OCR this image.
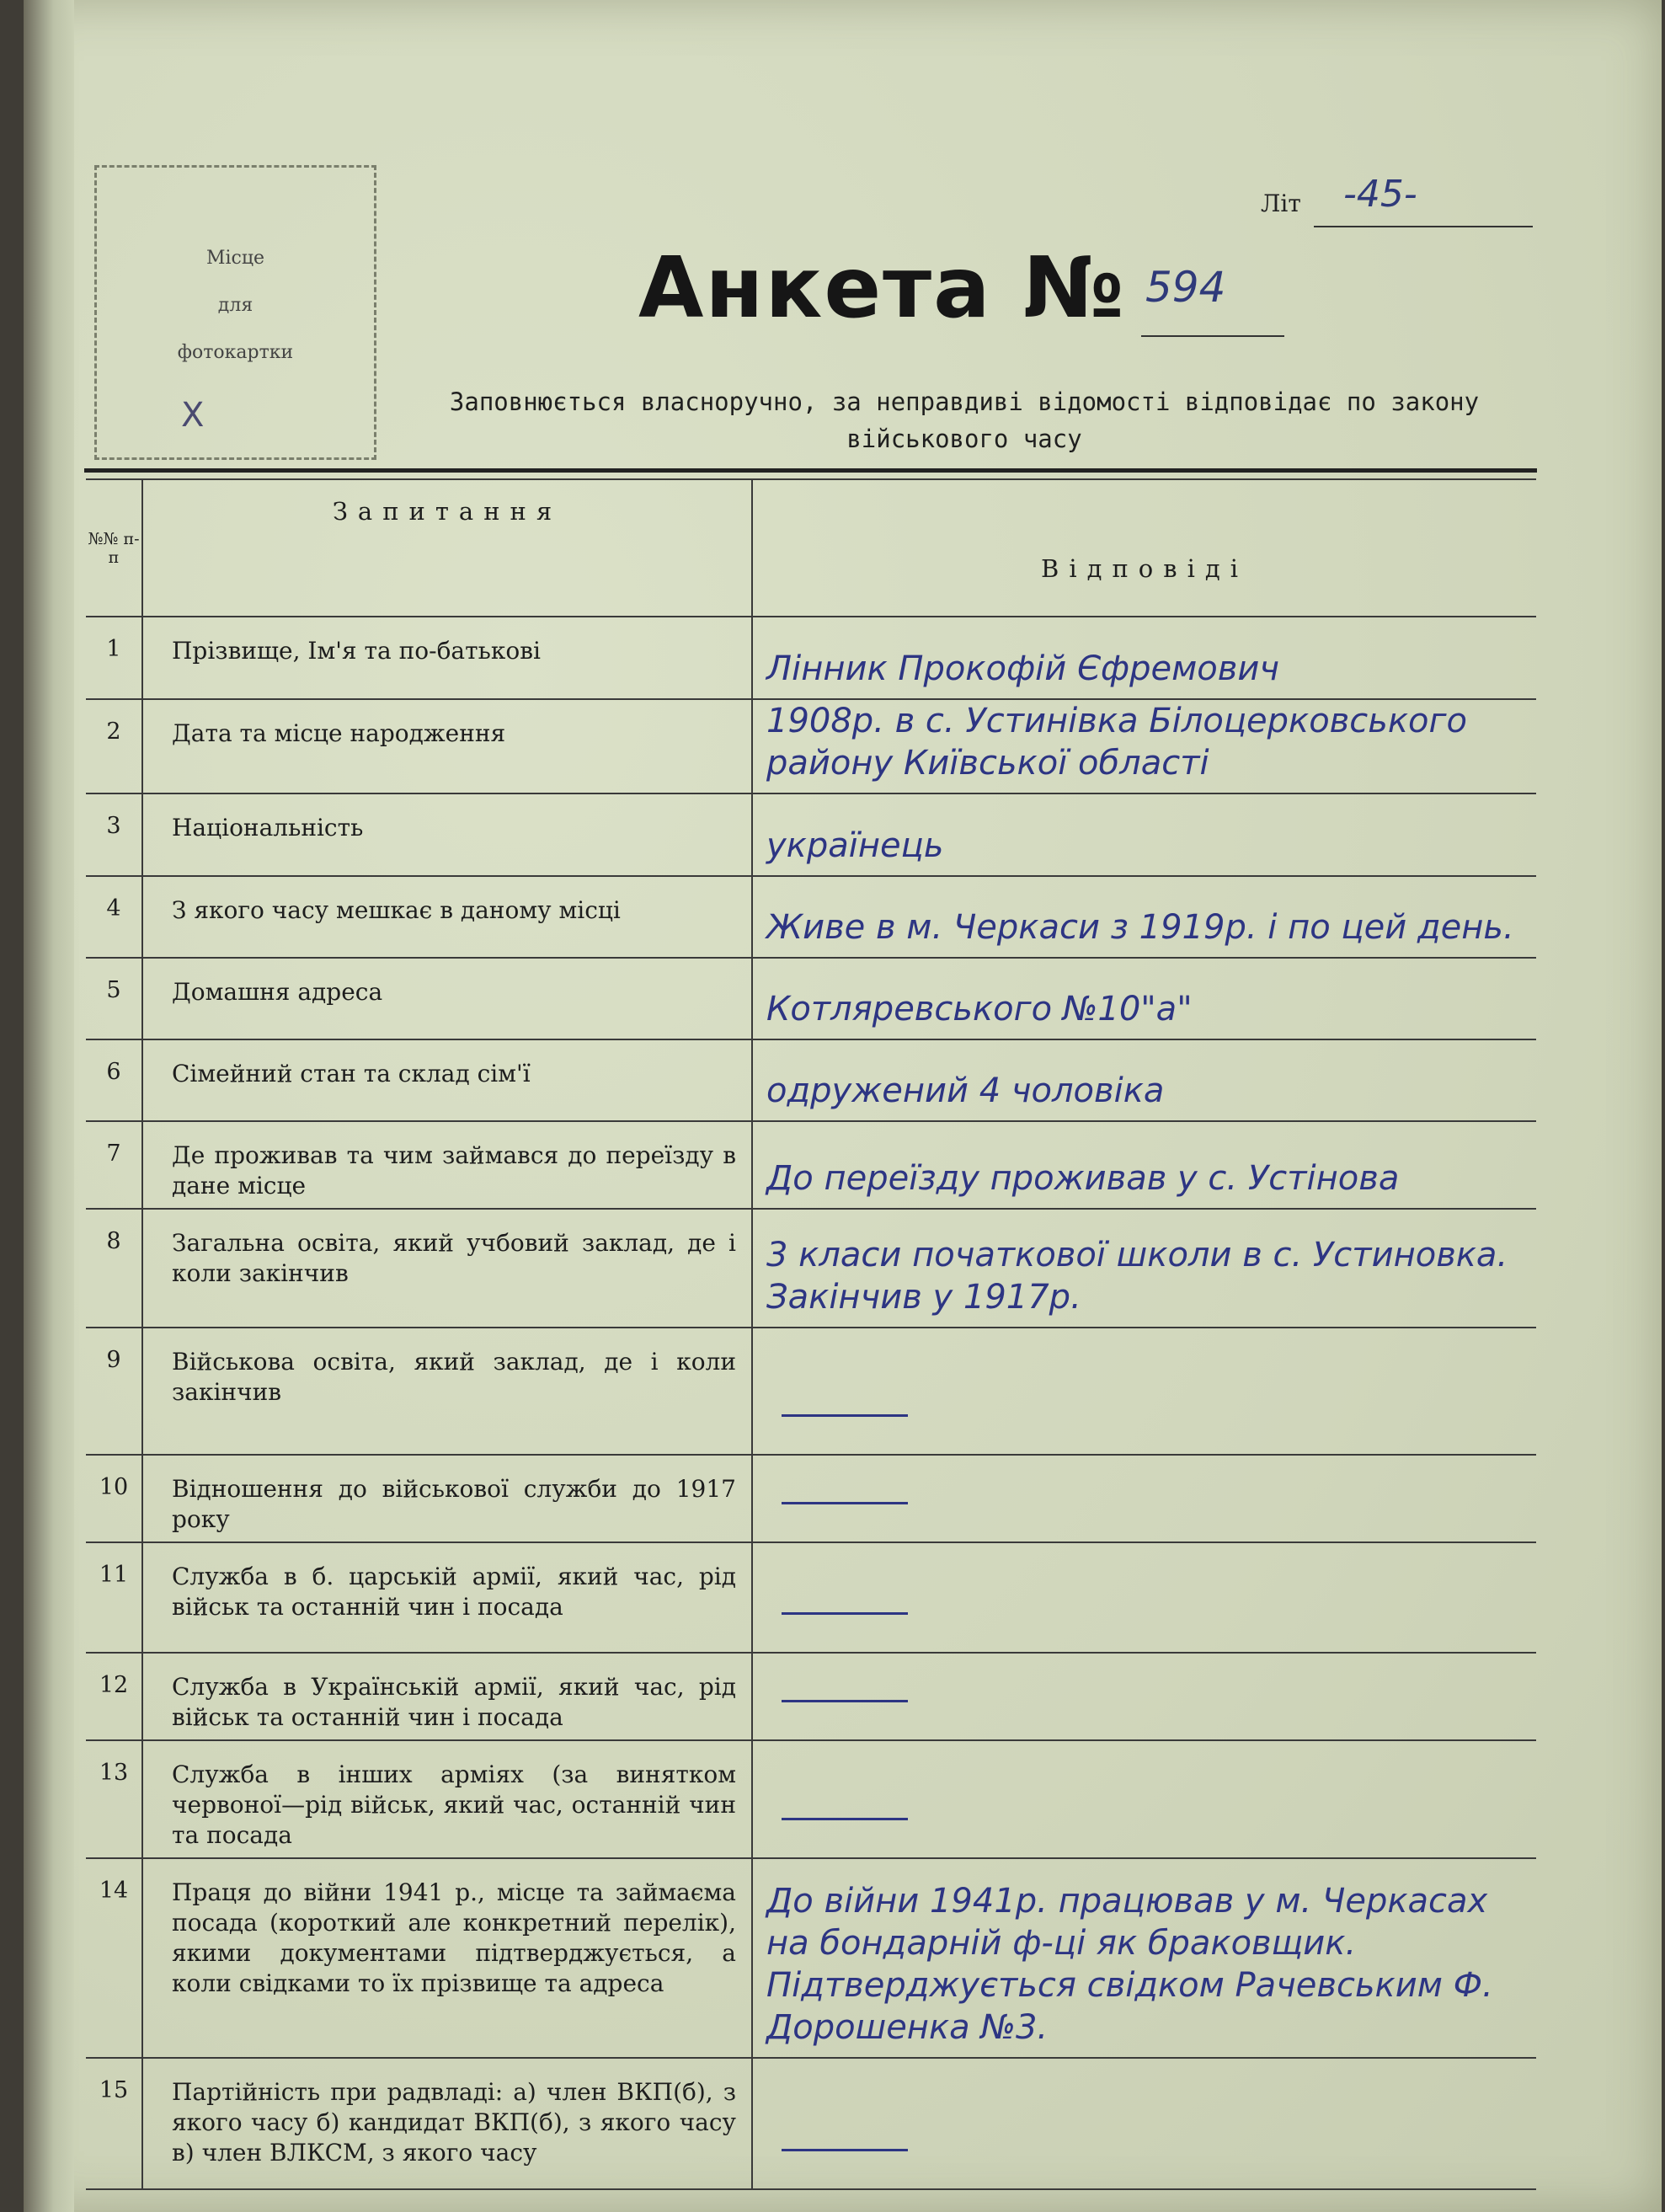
Місце
для
фотокартки
X
Літ -45-
Анкета № 594
Заповнюється власноручно, за неправдиві відомості відповідає по закону
військового часу
№№ п-п	Запитання	Відповіді
1	Прізвище, Ім'я та по-батькові	Лінник Прокофій Єфремович
2	Дата та місце народження	1908р. в с. Устинівка Білоцерковського району Київської області
3	Національність	українець
4	З якого часу мешкає в даному місці	Живе в м. Черкаси з 1919р. і по цей день.
5	Домашня адреса	Котляревського №10"а"
6	Сімейний стан та склад сім'ї	одружений 4 чоловіка
7	Де проживав та чим займався до переїзду в дане місце	До переїзду проживав у с. Устінова
8	Загальна освіта, який учбовий заклад, де і коли закінчив	3 класи початкової школи в с. Устиновка. Закінчив у 1917р.
9	Військова освіта, який заклад, де і коли закінчив	
10	Відношення до військової служби до 1917 року	
11	Служба в б. царській армії, який час, рід військ та останній чин і посада	
12	Служба в Українській армії, який час, рід військ та останній чин і посада	
13	Служба в інших арміях (за винятком червоної—рід військ, який час, останній чин та посада	
14	Праця до війни 1941 р., місце та займаєма посада (короткий але конкретний перелік), якими документами підтверджується, а коли свідками то їх прізвище та адреса	До війни 1941р. працював у м. Черкасах на бондарній ф-ці як браковщик. Підтверджується свідком Рачевським Ф. Дорошенка №3.
15	Партійність при радвладі: а) член ВКП(б), з якого часу б) кандидат ВКП(б), з якого часу в) член ВЛКСМ, з якого часу	
